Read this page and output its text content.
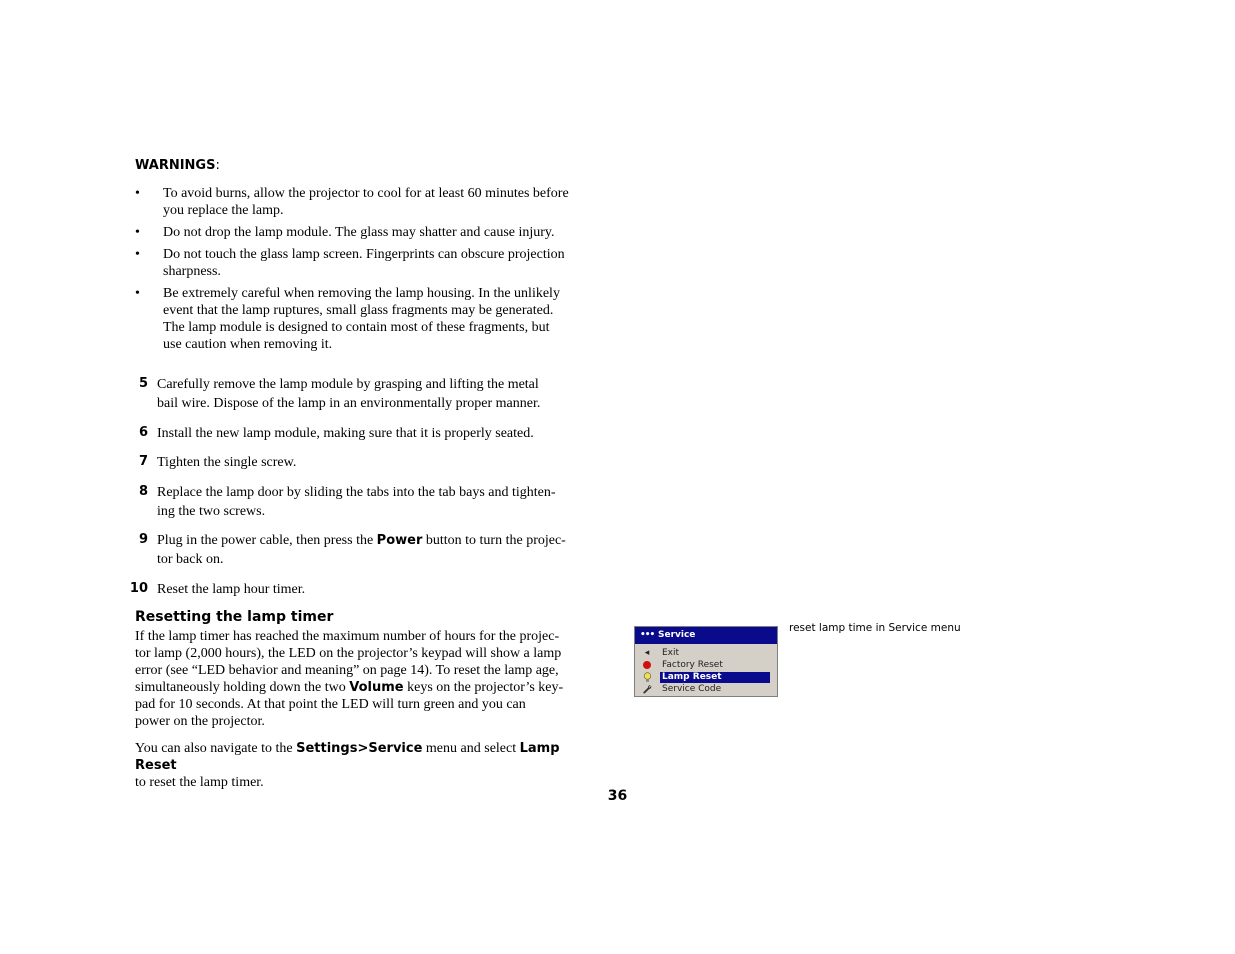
WARNINGS:
• To avoid burns, allow the projector to cool for at least 60 minutes before
you replace the lamp.
• Do not drop the lamp module. The glass may shatter and cause injury.
• Do not touch the glass lamp screen. Fingerprints can obscure projection
sharpness.
• Be extremely careful when removing the lamp housing. In the unlikely
event that the lamp ruptures, small glass fragments may be generated.
The lamp module is designed to contain most of these fragments, but
use caution when removing it.
5 Carefully remove the lamp module by grasping and lifting the metal
bail wire. Dispose of the lamp in an environmentally proper manner.
6 Install the new lamp module, making sure that it is properly seated.
7 Tighten the single screw.
8 Replace the lamp door by sliding the tabs into the tab bays and tighten-
ing the two screws.
9 Plug in the power cable, then press the Power button to turn the projec-
tor back on.
10 Reset the lamp hour timer.
Resetting the lamp timer
If the lamp timer has reached the maximum number of hours for the projec-
tor lamp (2,000 hours), the LED on the projector’s keypad will show a lamp
error (see “LED behavior and meaning” on page 14). To reset the lamp age,
simultaneously holding down the two Volume keys on the projector’s key-
pad for 10 seconds. At that point the LED will turn green and you can
power on the projector.
You can also navigate to the Settings>Service menu and select Lamp Reset
to reset the lamp timer.
36
••• Service
◂	Exit
Factory Reset
Lamp Reset
Service Code
reset lamp time in Service menu
